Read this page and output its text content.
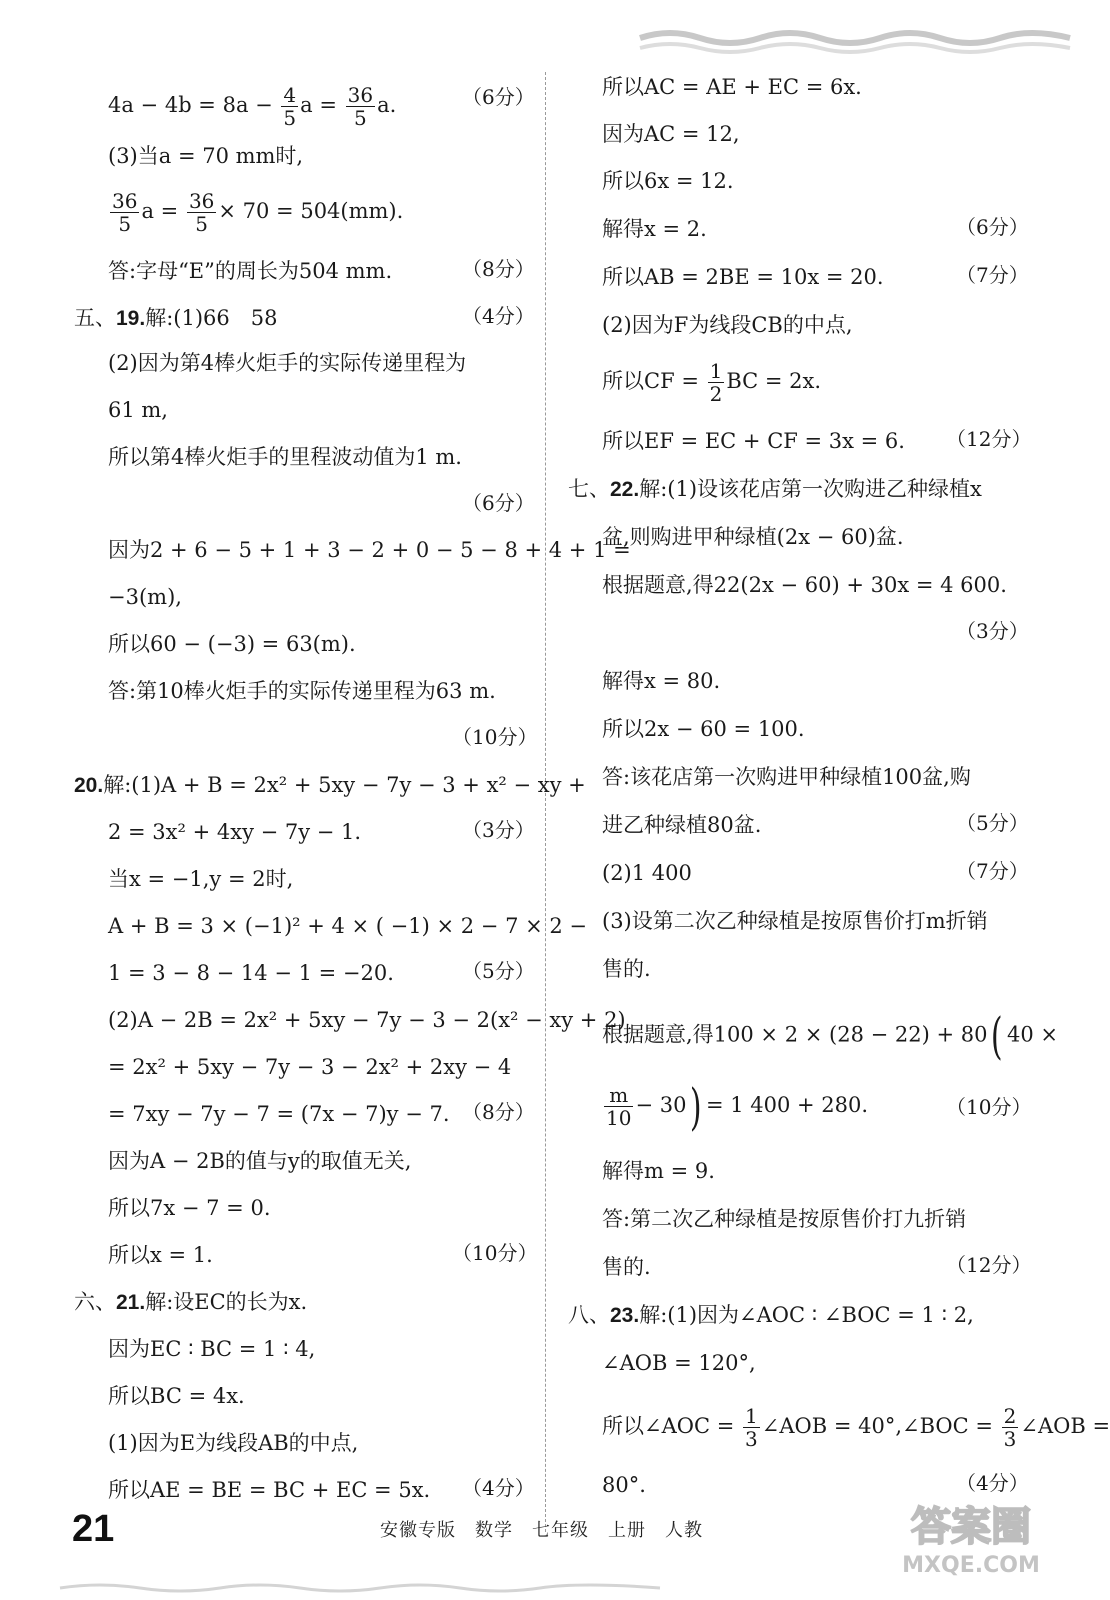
$4a - 4b = 8a - \frac{4}{5}$ $a = \frac{36}{5} a$.	（6分）
(3)当a = 70 mm时,
$\frac{36}{5}$ $a = \frac{36}{5} \times 70 = 504(mm)$.
答:字母“E”的周长为504 mm.	（8分）
五、19.解:(1)66　58	（4分）
(2)因为第4棒火炬手的实际传递里程为
61 m,
所以第4棒火炬手的里程波动值为1 m.
（6分）
因为2 + 6 − 5 + 1 + 3 − 2 + 0 − 5 − 8 + 4 + 1 =
−3(m),
所以60 − (−3) = 63(m).
答:第10棒火炬手的实际传递里程为63 m.
（10分）
20.解:(1)A + B = 2x² + 5xy − 7y − 3 + x² − xy +
2 = 3x² + 4xy − 7y − 1.	（3分）
当x = −1,y = 2时,
A + B = 3 × (−1)² + 4 × ( −1) × 2 − 7 × 2 −
1 = 3 − 8 − 14 − 1 = −20.	（5分）
(2)A − 2B = 2x² + 5xy − 7y − 3 − 2(x² − xy + 2)
= 2x² + 5xy − 7y − 3 − 2x² + 2xy − 4
= 7xy − 7y − 7 = (7x − 7)y − 7. （8分）
因为A − 2B的值与y的取值无关,
所以7x − 7 = 0.
所以x = 1.	（10分）
六、21.解:设EC的长为x.
因为EC ∶ BC = 1 ∶ 4,
所以BC = 4x.
(1)因为E为线段AB的中点,
所以AE = BE = BC + EC = 5x. （4分）
所以AC = AE + EC = 6x.
因为AC = 12,
所以6x = 12.
解得x = 2.	（6分）
所以AB = 2BE = 10x = 20.	（7分）
(2)因为F为线段CB的中点,
所以CF = $\frac{1}{2}$ BC = 2x.
所以EF = EC + CF = 3x = 6. （12分）
七、22.解:(1)设该花店第一次购进乙种绿植x
盆,则购进甲种绿植(2x − 60)盆.
根据题意,得22(2x − 60) + 30x = 4 600.
（3分）
解得x = 80.
所以2x − 60 = 100.
答:该花店第一次购进甲种绿植100盆,购
进乙种绿植80盆.	（5分）
(2)1 400	（7分）
(3)设第二次乙种绿植是按原售价打m折销
售的.
根据题意,得100 × 2 × (28 − 22) + 80( 40 ×
$\frac{m}{10} - 30) = 1$ 400 + 280.	（10分）
解得m = 9.
答:第二次乙种绿植是按原售价打九折销
售的.	（12分）
八、23.解:(1)因为∠AOC ∶ ∠BOC = 1 ∶ 2,
∠AOB = 120°,
所以∠AOC = $\frac{1}{3}$ ∠AOB = 40°,∠BOC = $\frac{2}{3}$ ∠AOB =
80°.	（4分）
21	安徽专版　数学　七年级　上册　人教	答案圈
MXQE.COM
